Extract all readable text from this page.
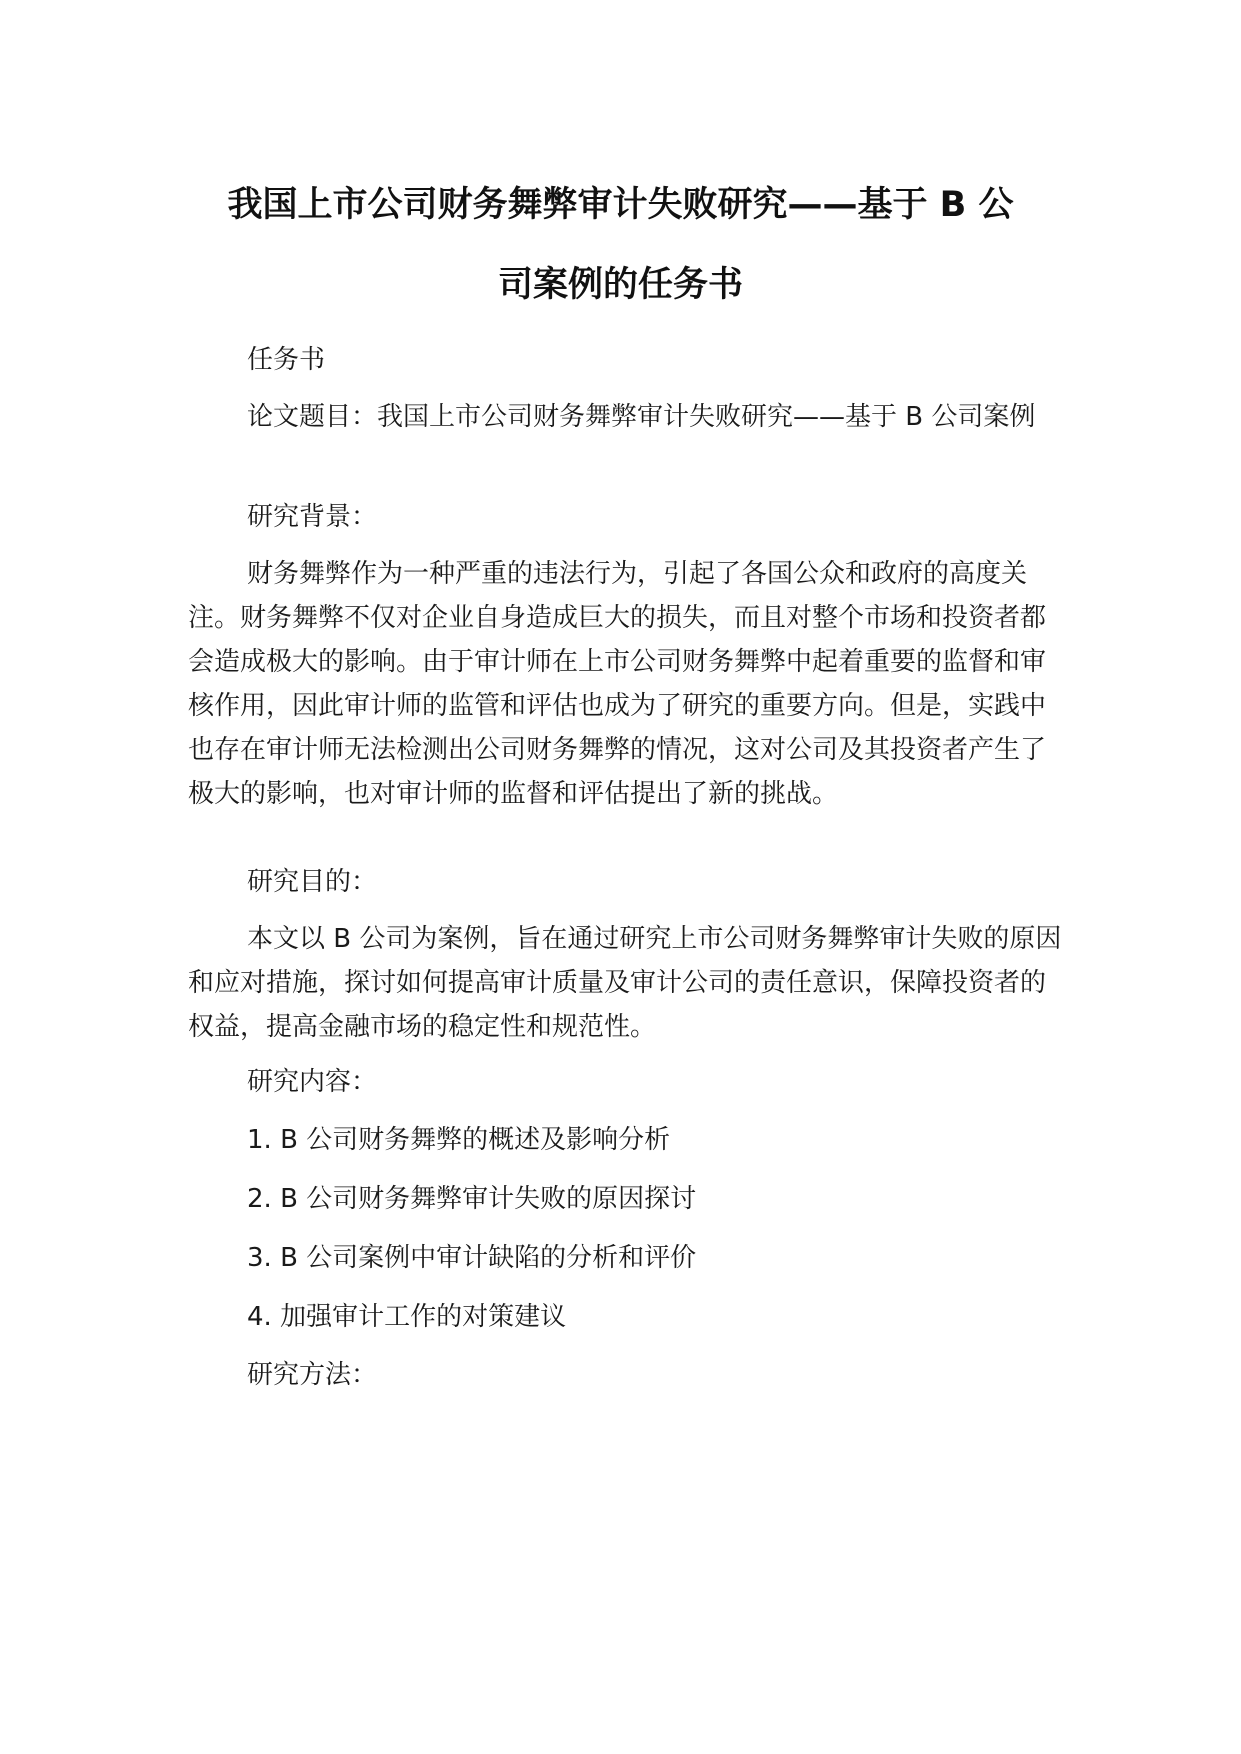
我国上市公司财务舞弊审计失败研究——基于 B 公
司案例的任务书

任务书

论文题目：我国上市公司财务舞弊审计失败研究——基于 B 公司案例

研究背景：

财务舞弊作为一种严重的违法行为，引起了各国公众和政府的高度关注。财务舞弊不仅对企业自身造成巨大的损失，而且对整个市场和投资者都会造成极大的影响。由于审计师在上市公司财务舞弊中起着重要的监督和审核作用，因此审计师的监管和评估也成为了研究的重要方向。但是，实践中也存在审计师无法检测出公司财务舞弊的情况，这对公司及其投资者产生了极大的影响，也对审计师的监督和评估提出了新的挑战。

研究目的：

本文以 B 公司为案例，旨在通过研究上市公司财务舞弊审计失败的原因和应对措施，探讨如何提高审计质量及审计公司的责任意识，保障投资者的权益，提高金融市场的稳定性和规范性。

研究内容：

1. B 公司财务舞弊的概述及影响分析

2. B 公司财务舞弊审计失败的原因探讨

3. B 公司案例中审计缺陷的分析和评价

4. 加强审计工作的对策建议

研究方法：
